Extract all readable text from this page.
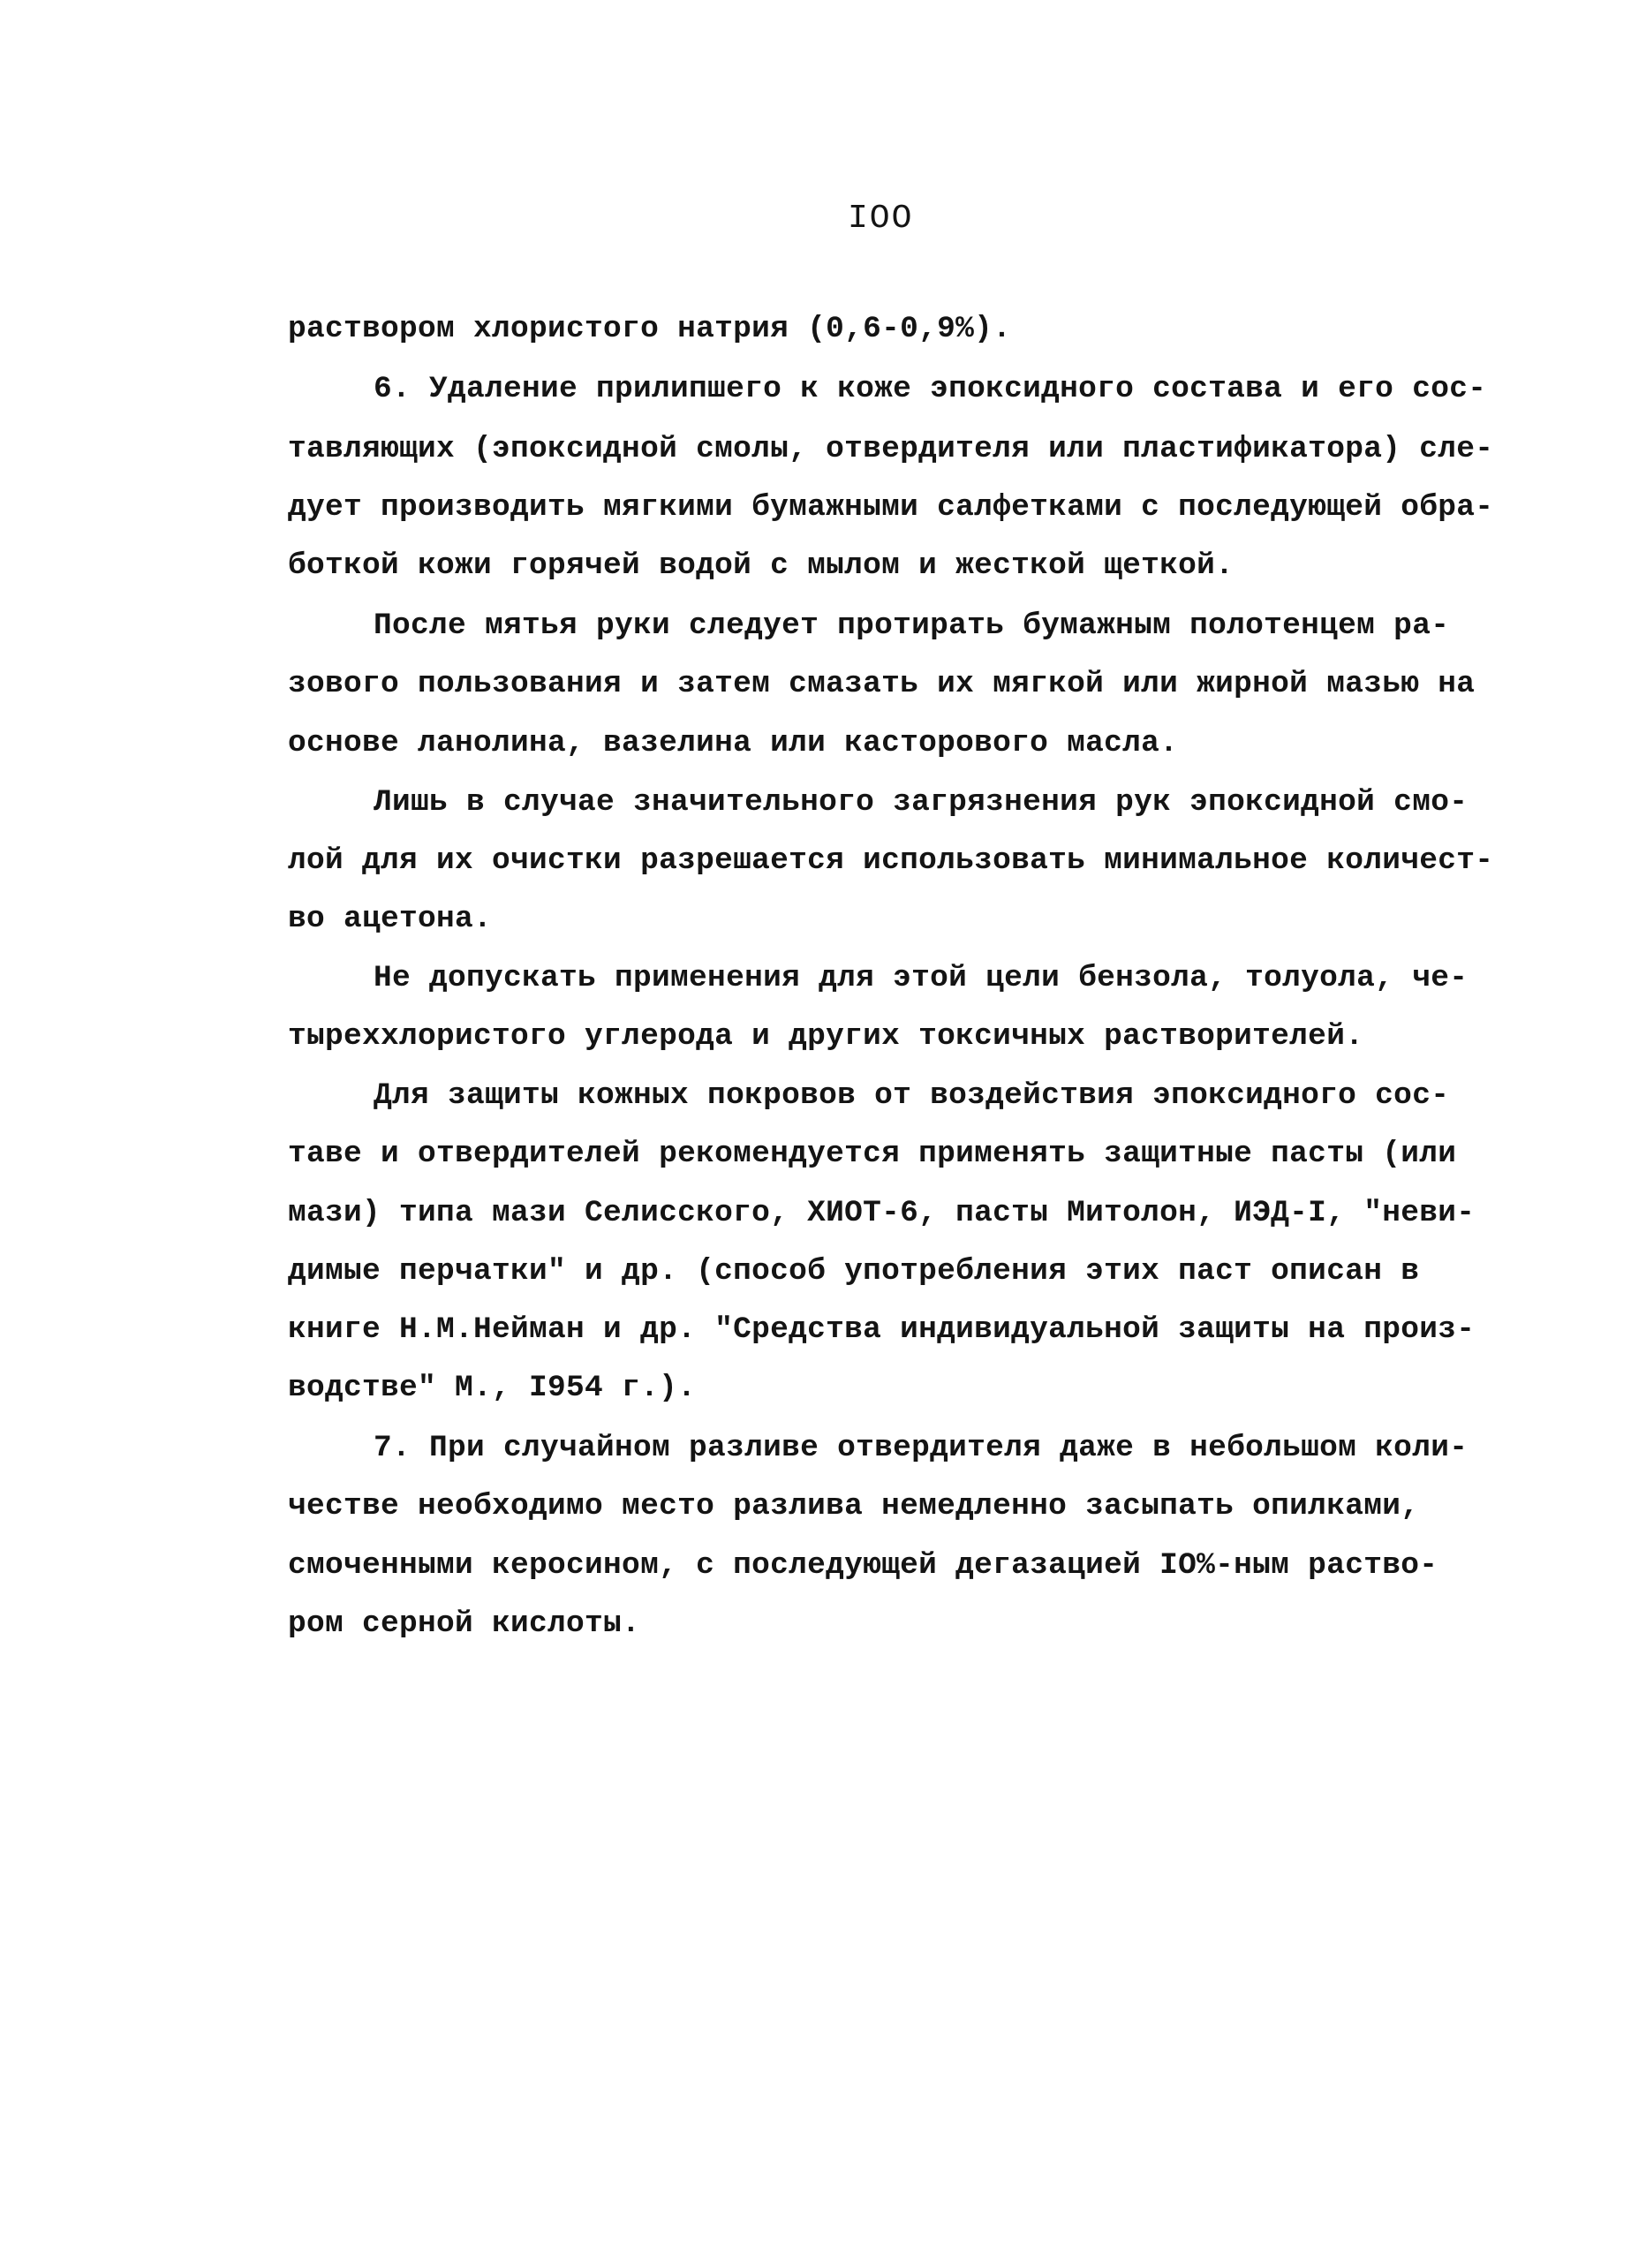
IOO
раствором хлористого натрия (0,6-0,9%).
6. Удаление прилипшего к коже эпоксидного состава и его сос-
тавляющих (эпоксидной смолы, отвердителя или пластификатора) сле-
дует производить мягкими бумажными салфетками с последующей обра-
боткой кожи горячей водой с мылом и жесткой щеткой.
После мятья руки следует протирать бумажным полотенцем ра-
зового пользования и затем смазать их мягкой или жирной мазью на
основе ланолина, вазелина или касторового масла.
Лишь в случае значительного загрязнения рук эпоксидной смо-
лой для их очистки разрешается использовать минимальное количест-
во ацетона.
Не допускать применения для этой цели бензола, толуола, че-
тыреххлористого углерода и других токсичных растворителей.
Для защиты кожных покровов от воздействия эпоксидного сос-
таве и отвердителей рекомендуется применять защитные пасты (или
мази) типа мази Селисского, ХИОТ-6, пасты Митолон, ИЭД-I, "неви-
димые перчатки" и др. (способ употребления этих паст описан в
книге Н.М.Нейман и др. "Средства индивидуальной защиты на произ-
водстве" М., I954 г.).
7. При случайном разливе отвердителя даже в небольшом коли-
честве необходимо место разлива немедленно засыпать опилками,
смоченными керосином, с последующей дегазацией IO%-ным раство-
ром серной кислоты.
